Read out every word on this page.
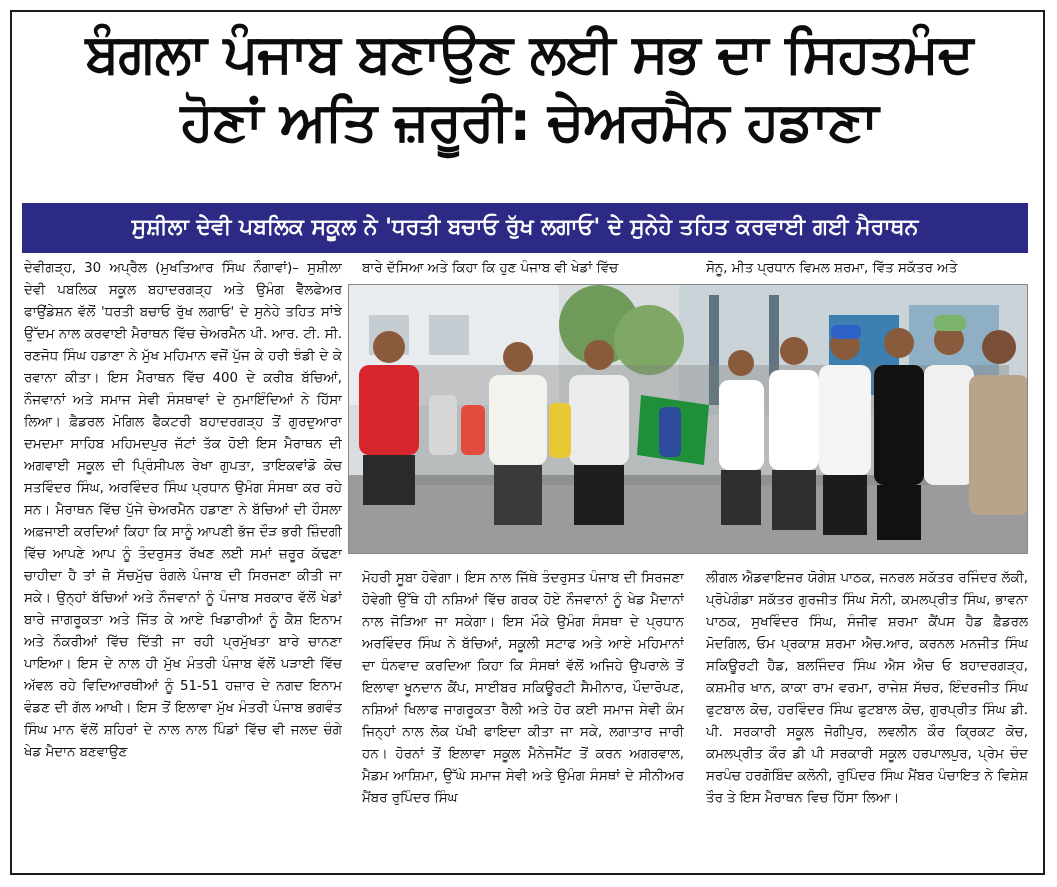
ਬੰਗਲਾ ਪੰਜਾਬ ਬਣਾਉਣ ਲਈ ਸਭ ਦਾ ਸਿਹਤਮੰਦ
ਹੋਣਾਂ ਅਤਿ ਜ਼ਰੂਰੀ: ਚੇਅਰਮੈਨ ਹਡਾਣਾ
ਸੁਸ਼ੀਲਾ ਦੇਵੀ ਪਬਲਿਕ ਸਕੂਲ ਨੇ 'ਧਰਤੀ ਬਚਾਓ ਰੁੱਖ ਲਗਾਓ' ਦੇ ਸੁਨੇਹੇ ਤਹਿਤ ਕਰਵਾਈ ਗਈ ਮੈਰਾਥਨ

ਦੇਵੀਗੜ੍ਹ, 30 ਅਪ੍ਰੈਲ (ਮੁਖਤਿਆਰ ਸਿੰਘ ਨੌਗਾਵਾਂ)– ਸੁਸ਼ੀਲਾ ਦੇਵੀ ਪਬਲਿਕ ਸਕੂਲ ਬਹਾਦਰਗੜ੍ਹ ਅਤੇ ਉਮੰਗ ਵੈੱਲਫੇਅਰ ਫਾਉਂਡੇਸ਼ਨ ਵੱਲੋਂ 'ਧਰਤੀ ਬਚਾਓ ਰੁੱਖ ਲਗਾਓ' ਦੇ ਸੁਨੇਹੇ ਤਹਿਤ ਸਾਂਝੇ ਉੱਦਮ ਨਾਲ ਕਰਵਾਈ ਮੈਰਾਥਨ ਵਿੱਚ ਚੇਅਰਮੈਨ ਪੀ. ਆਰ. ਟੀ. ਸੀ. ਰਣਜੋਧ ਸਿੰਘ ਹਡਾਣਾ ਨੇ ਮੁੱਖ ਮਹਿਮਾਨ ਵਜੋਂ ਪੁੱਜ ਕੇ ਹਰੀ ਝੰਡੀ ਦੇ ਕੇ ਰਵਾਨਾ ਕੀਤਾ। ਇਸ ਮੈਰਾਥਨ ਵਿੱਚ 400 ਦੇ ਕਰੀਬ ਬੱਚਿਆਂ, ਨੌਜਵਾਨਾਂ ਅਤੇ ਸਮਾਜ ਸੇਵੀ ਸੰਸਥਾਵਾਂ ਦੇ ਨੁਮਾਇੰਦਿਆਂ ਨੇ ਹਿੱਸਾ ਲਿਆ। ਫ਼ੈਡਰਲ ਮੋਗਿਲ ਫੈਕਟਰੀ ਬਹਾਦਰਗੜ੍ਹ ਤੋਂ ਗੁਰਦੁਆਰਾ ਦਮਦਮਾ ਸਾਹਿਬ ਮਹਿਮਦਪੁਰ ਜੱਟਾਂ ਤੱਕ ਹੋਈ ਇਸ ਮੈਰਾਥਨ ਦੀ ਅਗਵਾਈ ਸਕੂਲ ਦੀ ਪ੍ਰਿੰਸੀਪਲ ਰੇਖਾ ਗੁਪਤਾ, ਤਾਇਕਵਾਂਡੋ ਕੋਚ ਸਤਵਿੰਦਰ ਸਿੰਘ, ਅਰਵਿੰਦਰ ਸਿੰਘ ਪ੍ਰਧਾਨ ਉਮੰਗ ਸੰਸਥਾ ਕਰ ਰਹੇ ਸਨ। ਮੈਰਾਥਨ ਵਿੱਚ ਪੁੱਜੇ ਚੇਅਰਮੈਨ ਹਡਾਣਾ ਨੇ ਬੱਚਿਆਂ ਦੀ ਹੌਸਲਾ ਅਫ਼ਜਾਈ ਕਰਦਿਆਂ ਕਿਹਾ ਕਿ ਸਾਨੂੰ ਆਪਣੀ ਭੱਜ ਦੌੜ ਭਰੀ ਜ਼ਿੰਦਗੀ ਵਿੱਚ ਆਪਣੇ ਆਪ ਨੂੰ ਤੰਦਰੁਸਤ ਰੱਖਣ ਲਈ ਸਮਾਂ ਜ਼ਰੂਰ ਕੱਢਣਾ ਚਾਹੀਦਾ ਹੈ ਤਾਂ ਜ਼ੋ ਸੱਚਮੁੱਚ ਰੰਗਲੇ ਪੰਜਾਬ ਦੀ ਸਿਰਜਣਾ ਕੀਤੀ ਜਾ ਸਕੇ। ਉਨ੍ਹਾਂ ਬੱਚਿਆਂ ਅਤੇ ਨੌਜਵਾਨਾਂ ਨੂੰ ਪੰਜਾਬ ਸਰਕਾਰ ਵੱਲੋਂ ਖੇਡਾਂ ਬਾਰੇ ਜਾਗਰੂਕਤਾ ਅਤੇ ਜਿੱਤ ਕੇ ਆਏ ਖਿਡਾਰੀਆਂ ਨੂੰ ਕੈਸ਼ ਇਨਾਮ ਅਤੇ ਨੌਕਰੀਆਂ ਵਿੱਚ ਦਿੱਤੀ ਜਾ ਰਹੀ ਪ੍ਰਮੁੱਖਤਾ ਬਾਰੇ ਚਾਨਣਾ ਪਾਇਆ। ਇਸ ਦੇ ਨਾਲ ਹੀ ਮੁੱਖ ਮੰਤਰੀ ਪੰਜਾਬ ਵੱਲੋਂ ਪੜਾਈ ਵਿੱਚ ਅੱਵਲ ਰਹੇ ਵਿਦਿਆਰਥੀਆਂ ਨੂੰ 51-51 ਹਜ਼ਾਰ ਦੇ ਨਗਦ ਇਨਾਮ ਵੰਡਣ ਦੀ ਗੱਲ ਆਖੀ। ਇਸ ਤੋਂ ਇਲਾਵਾ ਮੁੱਖ ਮੰਤਰੀ ਪੰਜਾਬ ਭਗਵੰਤ ਸਿੰਘ ਮਾਨ ਵੱਲੋਂ ਸ਼ਹਿਰਾਂ ਦੇ ਨਾਲ ਨਾਲ ਪਿੰਡਾਂ ਵਿੱਚ ਵੀ ਜਲਦ ਚੰਗੇ ਖੇਡ ਮੈਦਾਨ ਬਣਵਾਉਣ

ਬਾਰੇ ਦੱਸਿਆ ਅਤੇ ਕਿਹਾ ਕਿ ਹੁਣ ਪੰਜਾਬ ਵੀ ਖੇਡਾਂ ਵਿੱਚ	ਸੋਨੂ, ਮੀਤ ਪ੍ਰਧਾਨ ਵਿਮਲ ਸ਼ਰਮਾ, ਵਿੱਤ ਸਕੱਤਰ ਅਤੇ

ਮੋਹਰੀ ਸੂਬਾ ਹੋਵੇਗਾ। ਇਸ ਨਾਲ ਜਿੱਥੇ ਤੰਦਰੁਸਤ ਪੰਜਾਬ ਦੀ ਸਿਰਜਣਾ ਹੋਵੇਗੀ ਉੱਥੇ ਹੀ ਨਸ਼ਿਆਂ ਵਿੱਚ ਗਰਕ ਹੋਏ ਨੌਜਵਾਨਾਂ ਨੂੰ ਖੇਡ ਮੈਦਾਨਾਂ ਨਾਲ ਜੋੜਿਆ ਜਾ ਸਕੇਗਾ। ਇਸ ਮੌਕੇ ਉਮੰਗ ਸੰਸਥਾ ਦੇ ਪ੍ਰਧਾਨ ਅਰਵਿੰਦਰ ਸਿੰਘ ਨੇ ਬੱਚਿਆਂ, ਸਕੂਲੀ ਸਟਾਫ ਅਤੇ ਆਏ ਮਹਿਮਾਨਾਂ ਦਾ ਧੰਨਵਾਦ ਕਰਦਿਆ ਕਿਹਾ ਕਿ ਸੰਸਥਾਂ ਵੱਲੋਂ ਅਜਿਹੇ ਉਪਰਾਲੇ ਤੋਂ ਇਲਾਵਾ ਖੂਨਦਾਨ ਕੈਂਪ, ਸਾਈਬਰ ਸਕਿਊਰਟੀ ਸੈਮੀਨਾਰ, ਪੌਦਾਰੋਪਣ, ਨਸ਼ਿਆਂ ਖਿਲਾਫ ਜਾਗਰੂਕਤਾ ਰੈਲੀ ਅਤੇ ਹੋਰ ਕਈ ਸਮਾਜ ਸੇਵੀ ਕੰਮ ਜਿਨ੍ਹਾਂ ਨਾਲ ਲੋਕ ਪੱਖੀ ਫਾਇਦਾ ਕੀਤਾ ਜਾ ਸਕੇ, ਲਗਾਤਾਰ ਜਾਰੀ ਹਨ। ਹੋਰਨਾਂ ਤੋਂ ਇਲਾਵਾ ਸਕੂਲ ਮੈਨੇਜਮੈਂਟ ਤੋਂ ਕਰਨ ਅਗਰਵਾਲ, ਮੈਡਮ ਆਸ਼ਿਮਾ, ਉੱਘੇ ਸਮਾਜ ਸੇਵੀ ਅਤੇ ਉਮੰਗ ਸੰਸਥਾਂ ਦੇ ਸੀਨੀਅਰ ਮੈਂਬਰ ਰੁਪਿੰਦਰ ਸਿੰਘ

ਲੀਗਲ ਐਡਵਾਇਜਰ ਯੋਗੇਸ਼ ਪਾਠਕ, ਜਨਰਲ ਸਕੱਤਰ ਰਜਿੰਦਰ ਲੱਕੀ, ਪ੍ਰੋਪੇਗੰਡਾ ਸਕੱਤਰ ਗੁਰਜੀਤ ਸਿੰਘ ਸੋਨੀ, ਕਮਲਪ੍ਰੀਤ ਸਿੰਘ, ਭਾਵਨਾ ਪਾਠਕ, ਸੁਖਵਿੰਦਰ ਸਿੰਘ, ਸੰਜੀਵ ਸ਼ਰਮਾ ਕੈਂਪਸ ਹੈਡ ਫ਼ੈਡਰਲ ਮੋਦਗਿਲ, ਓਮ ਪ੍ਰਕਾਸ਼ ਸ਼ਰਮਾ ਐਚ.ਆਰ, ਕਰਨਲ ਮਨਜੀਤ ਸਿੰਘ ਸਕਿਊਰਟੀ ਹੈਡ, ਬਲਜਿੰਦਰ ਸਿੰਘ ਐਸ ਐਚ ਓ ਬਹਾਦਰਗੜ੍ਹ, ਕਸ਼ਮੀਰ ਖਾਨ, ਕਾਕਾ ਰਾਮ ਵਰਮਾ, ਰਾਜੇਸ਼ ਸੱਚਰ, ਇੰਦਰਜੀਤ ਸਿੰਘ ਫੁਟਬਾਲ ਕੋਚ, ਹਰਵਿੰਦਰ ਸਿੰਘ ਫੁਟਬਾਲ ਕੋਚ, ਗੁਰਪ੍ਰੀਤ ਸਿੰਘ ਡੀ. ਪੀ. ਸਰਕਾਰੀ ਸਕੂਲ ਜੋਗੀਪੁਰ, ਲਵਲੀਨ ਕੌਰ ਕ੍ਰਿਕਟ ਕੋਚ, ਕਮਲਪ੍ਰੀਤ ਕੌਰ ਡੀ ਪੀ ਸਰਕਾਰੀ ਸਕੂਲ ਹਰਪਾਲਪੁਰ, ਪ੍ਰੇਮ ਚੰਦ ਸਰਪੰਚ ਹਰਗੋਬਿੰਦ ਕਲੋਨੀ, ਰੁਪਿੰਦਰ ਸਿੰਘ ਮੈਂਬਰ ਪੰਚਾਇਤ ਨੇ ਵਿਸ਼ੇਸ਼ ਤੌਰ ਤੇ ਇਸ ਮੈਰਾਥਨ ਵਿਚ ਹਿੱਸਾ ਲਿਆ।
